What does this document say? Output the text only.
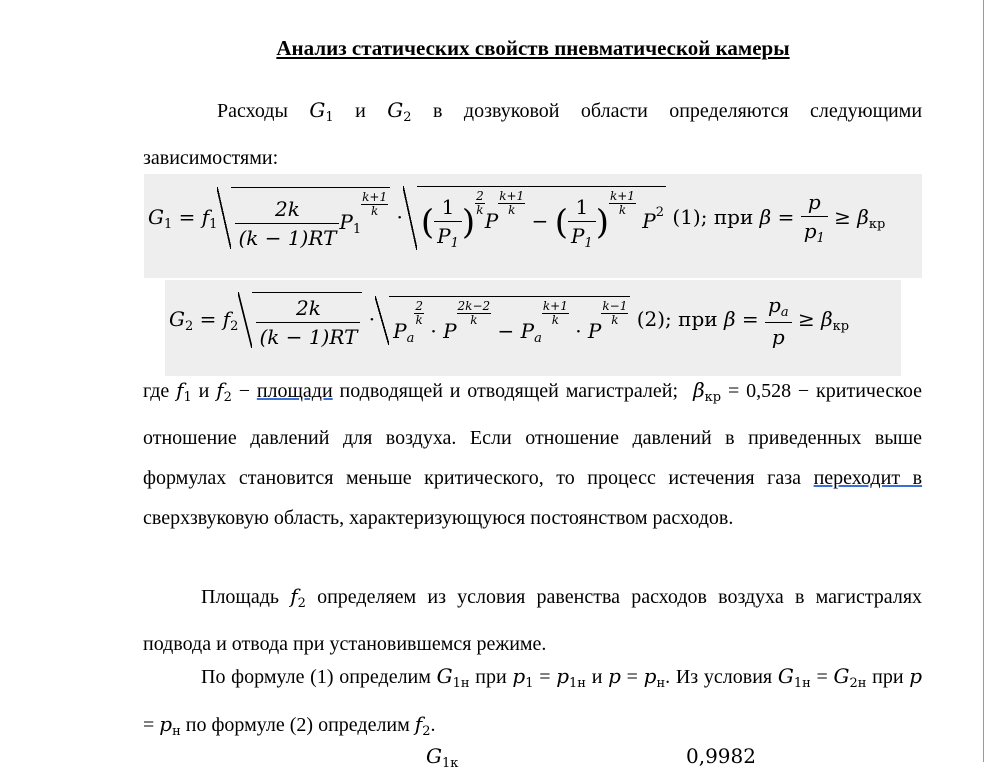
Анализ статических свойств пневматической камеры
Расходы $G_1$ и $G_2$ в дозвуковой области определяются следующими зависимостями:
$G_1 = f_1 \frac{2k}{(k - 1)RT} P_1$
$\frac{k+1}{k}$ · ( $\frac{1}{P_1}$ ) $\frac{2}{k}$
P
$\frac{k+1}{k}$
− ( $\frac{1}{P_1}$ ) $\frac{k+1}{k}$
$P^2$ (1); при $\beta = \frac{p}{p_1} \ge \beta_{кр}$
$G_2 = f_2 \frac{2k}{(k - 1)RT} \cdot P_a$
$\frac{2}{k}$
· P
$\frac{2k-2}{k}$
− $P_a$
$\frac{k+1}{k}$
· P
$\frac{k-1}{k} (2)$; при $\beta = \frac{p_a}{p} \ge \beta_{кр}$
где $f_1$ и $f_2$ − площади подводящей и отводящей магистралей; $\beta_{кр} = 0,528$ − критическое отношение давлений для воздуха. Если отношение давлений в приведенных выше формулах становится меньше критического, то процесс истечения газа переходит в сверхзвуковую область, характеризующуюся постоянством расходов.
Площадь $f_2$ определяем из условия равенства расходов воздуха в магистралях подвода и отвода при установившемся режиме.
По формуле (1) определим $G_{1н}$ при $p_1 = p_{1н}$ и $p = p_н$. Из условия $G_{1н} = G_{2н}$ при $p = p_н$ по формуле (2) определим $f_2$.
$G_{1к}$	0,9982
